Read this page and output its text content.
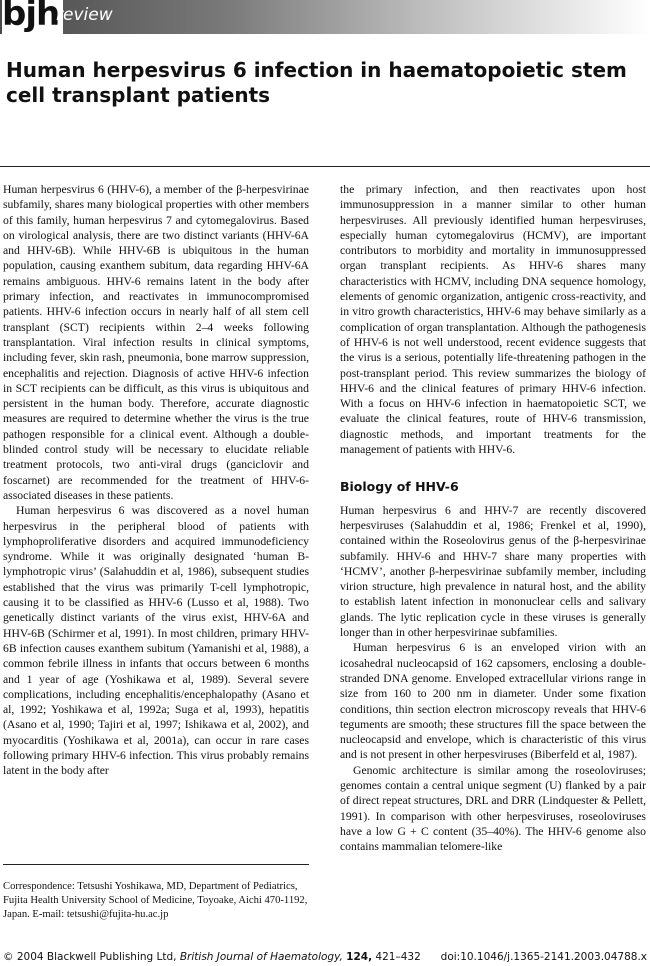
bjh
review
Human herpesvirus 6 infection in haematopoietic stem cell transplant patients

Human herpesvirus 6 (HHV-6), a member of the β-herpesvirinae subfamily, shares many biological properties with other members of this family, human herpesvirus 7 and cytomegalovirus. Based on virological analysis, there are two distinct variants (HHV-6A and HHV-6B). While HHV-6B is ubiquitous in the human population, causing exanthem subitum, data regarding HHV-6A remains ambiguous. HHV-6 remains latent in the body after primary infection, and reactivates in immunocompromised patients. HHV-6 infection occurs in nearly half of all stem cell transplant (SCT) recipients within 2–4 weeks following transplantation. Viral infection results in clinical symptoms, including fever, skin rash, pneumonia, bone marrow suppression, encephalitis and rejection. Diagnosis of active HHV-6 infection in SCT recipients can be difficult, as this virus is ubiquitous and persistent in the human body. Therefore, accurate diagnostic measures are required to determine whether the virus is the true pathogen responsible for a clinical event. Although a double-blinded control study will be necessary to elucidate reliable treatment protocols, two anti-viral drugs (ganciclovir and foscarnet) are recommended for the treatment of HHV-6-associated diseases in these patients.

Human herpesvirus 6 was discovered as a novel human herpesvirus in the peripheral blood of patients with lymphoproliferative disorders and acquired immunodeficiency syndrome. While it was originally designated ‘human B-lymphotropic virus’ (Salahuddin et al, 1986), subsequent studies established that the virus was primarily T-cell lymphotropic, causing it to be classified as HHV-6 (Lusso et al, 1988). Two genetically distinct variants of the virus exist, HHV-6A and HHV-6B (Schirmer et al, 1991). In most children, primary HHV-6B infection causes exanthem subitum (Yamanishi et al, 1988), a common febrile illness in infants that occurs between 6 months and 1 year of age (Yoshikawa et al, 1989). Several severe complications, including encephalitis/encephalopathy (Asano et al, 1992; Yoshikawa et al, 1992a; Suga et al, 1993), hepatitis (Asano et al, 1990; Tajiri et al, 1997; Ishikawa et al, 2002), and myocarditis (Yoshikawa et al, 2001a), can occur in rare cases following primary HHV-6 infection. This virus probably remains latent in the body after

the primary infection, and then reactivates upon host immunosuppression in a manner similar to other human herpesviruses. All previously identified human herpesviruses, especially human cytomegalovirus (HCMV), are important contributors to morbidity and mortality in immunosuppressed organ transplant recipients. As HHV-6 shares many characteristics with HCMV, including DNA sequence homology, elements of genomic organization, antigenic cross-reactivity, and in vitro growth characteristics, HHV-6 may behave similarly as a complication of organ transplantation. Although the pathogenesis of HHV-6 is not well understood, recent evidence suggests that the virus is a serious, potentially life-threatening pathogen in the post-transplant period. This review summarizes the biology of HHV-6 and the clinical features of primary HHV-6 infection. With a focus on HHV-6 infection in haematopoietic SCT, we evaluate the clinical features, route of HHV-6 transmission, diagnostic methods, and important treatments for the management of patients with HHV-6.

Biology of HHV-6

Human herpesvirus 6 and HHV-7 are recently discovered herpesviruses (Salahuddin et al, 1986; Frenkel et al, 1990), contained within the Roseolovirus genus of the β-herpesvirinae subfamily. HHV-6 and HHV-7 share many properties with ‘HCMV’, another β-herpesvirinae subfamily member, including virion structure, high prevalence in natural host, and the ability to establish latent infection in mononuclear cells and salivary glands. The lytic replication cycle in these viruses is generally longer than in other herpesvirinae subfamilies.

Human herpesvirus 6 is an enveloped virion with an icosahedral nucleocapsid of 162 capsomers, enclosing a double-stranded DNA genome. Enveloped extracellular virions range in size from 160 to 200 nm in diameter. Under some fixation conditions, thin section electron microscopy reveals that HHV-6 teguments are smooth; these structures fill the space between the nucleocapsid and envelope, which is characteristic of this virus and is not present in other herpesviruses (Biberfeld et al, 1987).

Genomic architecture is similar among the roseoloviruses; genomes contain a central unique segment (U) flanked by a pair of direct repeat structures, DRL and DRR (Lindquester & Pellett, 1991). In comparison with other herpesviruses, roseoloviruses have a low G + C content (35–40%). The HHV-6 genome also contains mammalian telomere-like

Correspondence: Tetsushi Yoshikawa, MD, Department of Pediatrics, Fujita Health University School of Medicine, Toyoake, Aichi 470-1192, Japan. E-mail: tetsushi@fujita-hu.ac.jp
© 2004 Blackwell Publishing Ltd, British Journal of Haematology, 124, 421–432 doi:10.1046/j.1365-2141.2003.04788.x
